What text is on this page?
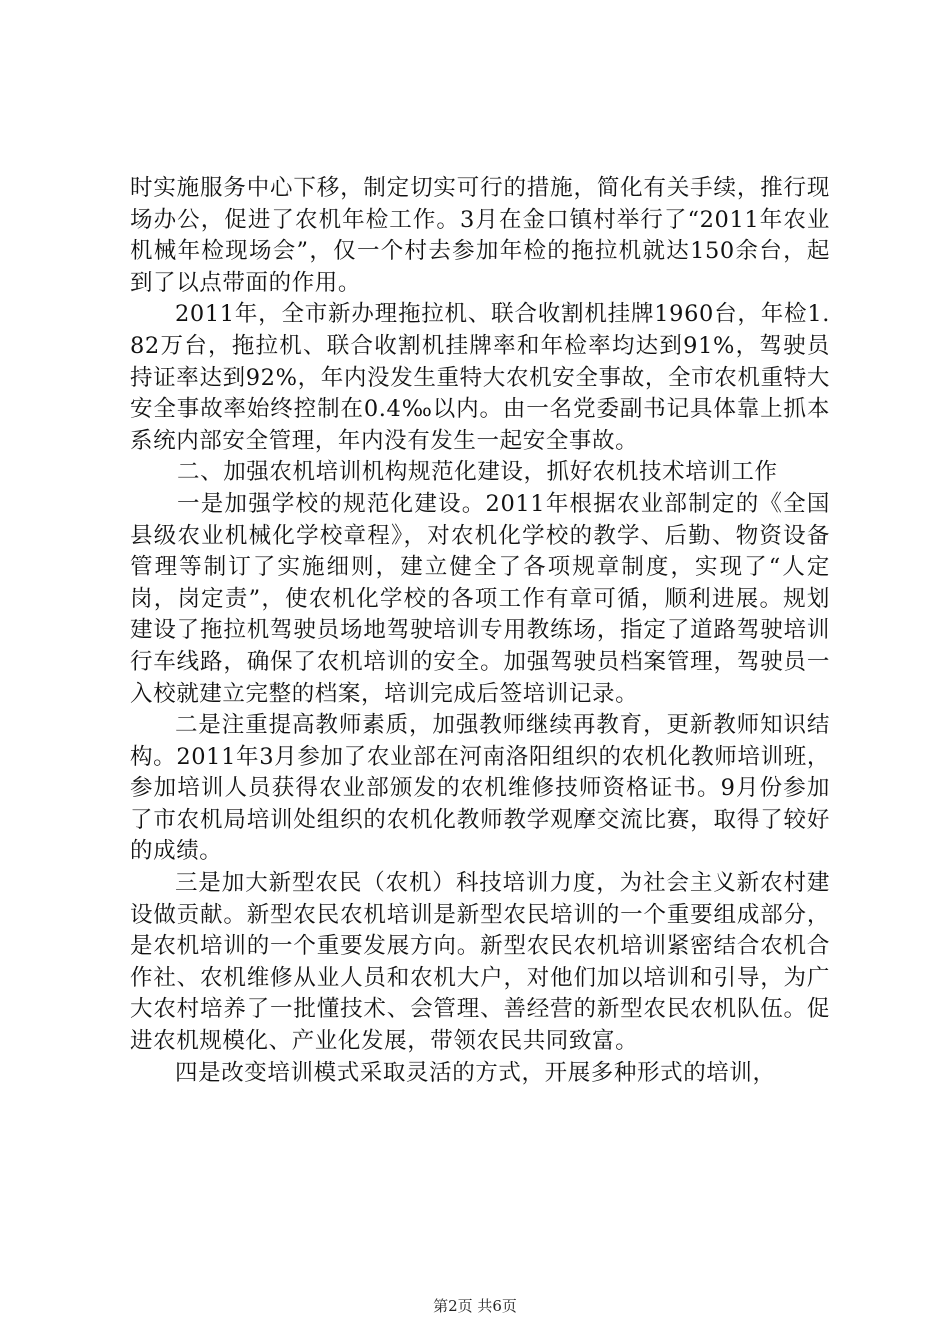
时实施服务中心下移，制定切实可行的措施，简化有关手续，推行现场办公，促进了农机年检工作。3月在金口镇村举行了“2011年农业机械年检现场会”，仅一个村去参加年检的拖拉机就达150余台，起到了以点带面的作用。

2011年，全市新办理拖拉机、联合收割机挂牌1960台，年检1.82万台，拖拉机、联合收割机挂牌率和年检率均达到91%，驾驶员持证率达到92%，年内没发生重特大农机安全事故，全市农机重特大安全事故率始终控制在0.4‰以内。由一名党委副书记具体靠上抓本系统内部安全管理，年内没有发生一起安全事故。

二、加强农机培训机构规范化建设，抓好农机技术培训工作

一是加强学校的规范化建设。2011年根据农业部制定的《全国县级农业机械化学校章程》，对农机化学校的教学、后勤、物资设备管理等制订了实施细则，建立健全了各项规章制度，实现了“人定岗，岗定责”，使农机化学校的各项工作有章可循，顺利进展。规划建设了拖拉机驾驶员场地驾驶培训专用教练场，指定了道路驾驶培训行车线路，确保了农机培训的安全。加强驾驶员档案管理，驾驶员一入校就建立完整的档案，培训完成后签培训记录。

二是注重提高教师素质，加强教师继续再教育，更新教师知识结构。2011年3月参加了农业部在河南洛阳组织的农机化教师培训班，参加培训人员获得农业部颁发的农机维修技师资格证书。9月份参加了市农机局培训处组织的农机化教师教学观摩交流比赛，取得了较好的成绩。

三是加大新型农民（农机）科技培训力度，为社会主义新农村建设做贡献。新型农民农机培训是新型农民培训的一个重要组成部分，是农机培训的一个重要发展方向。新型农民农机培训紧密结合农机合作社、农机维修从业人员和农机大户，对他们加以培训和引导，为广大农村培养了一批懂技术、会管理、善经营的新型农民农机队伍。促进农机规模化、产业化发展，带领农民共同致富。

四是改变培训模式采取灵活的方式，开展多种形式的培训，

第2页 共6页
